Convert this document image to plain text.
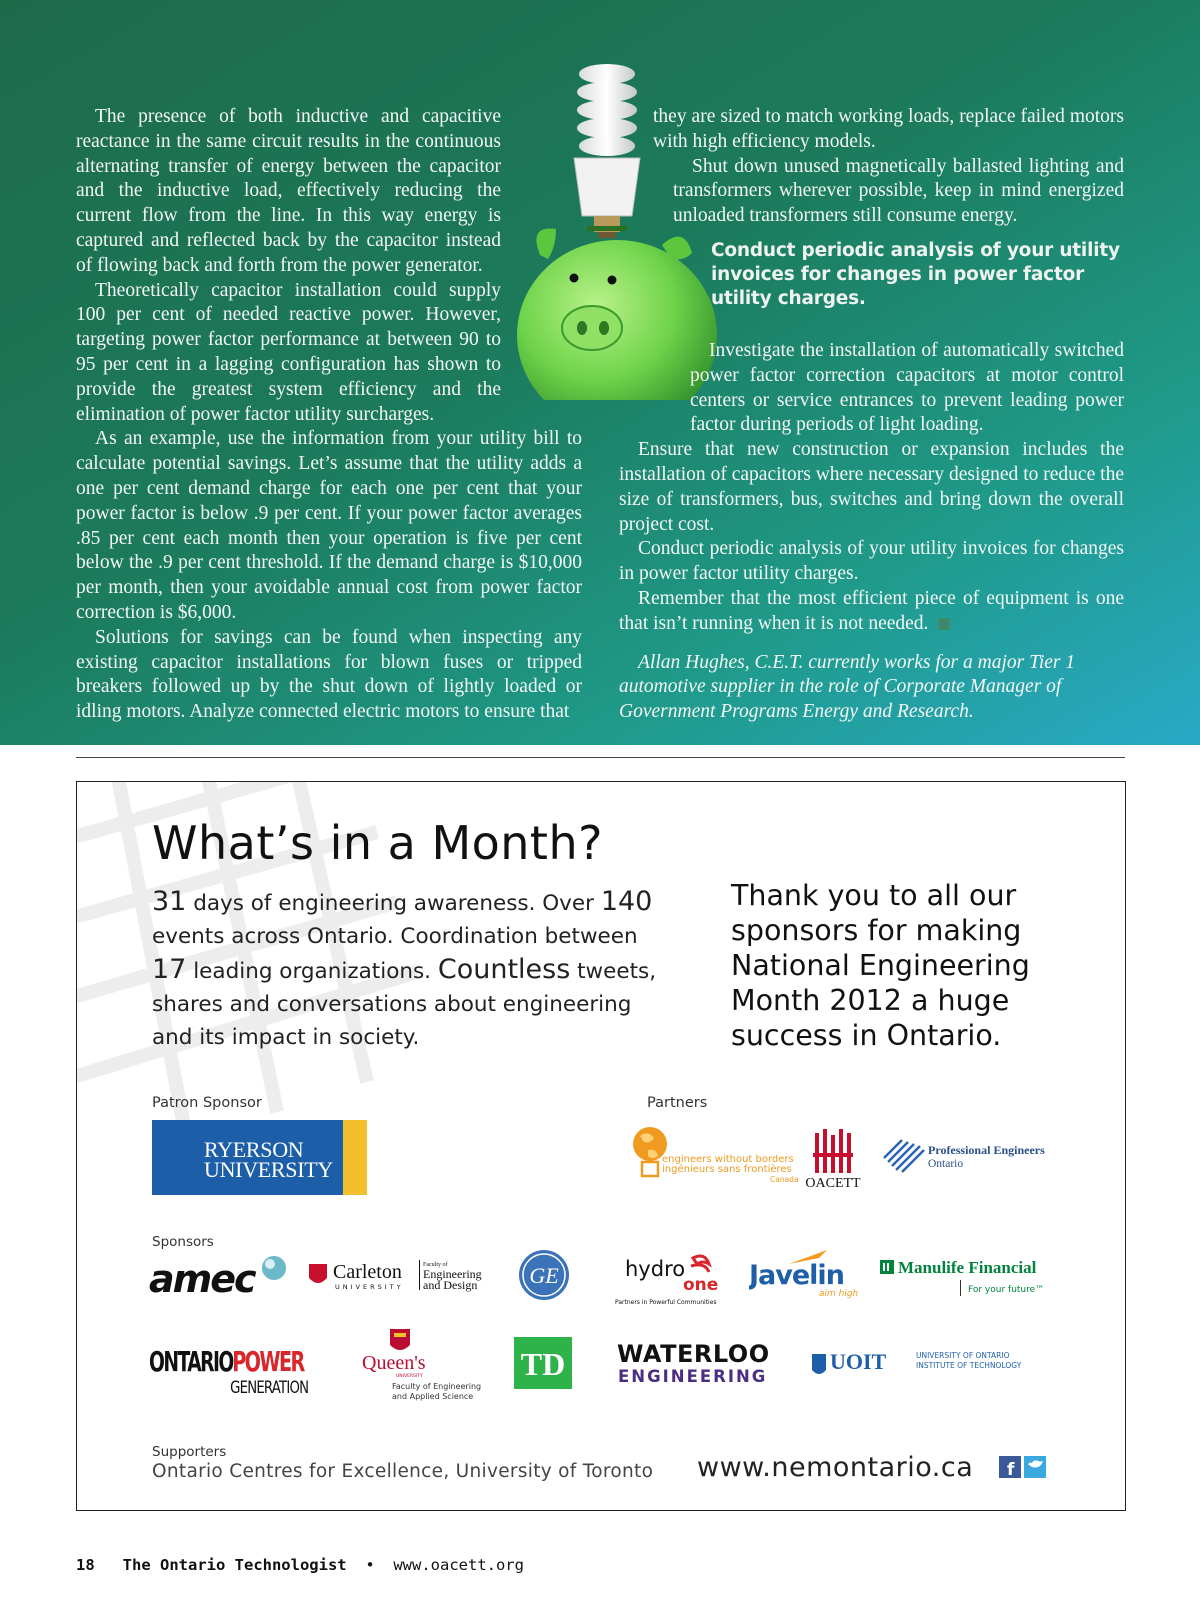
The presence of both inductive and capacitive reactance in the same circuit results in the continuous alternating transfer of energy between the capacitor and the inductive load, effectively reducing the current flow from the line. In this way energy is captured and reflected back by the capacitor instead of flowing back and forth from the power generator.

Theoretically capacitor installation could supply 100 per cent of needed reactive power. However, targeting power factor performance at between 90 to 95 per cent in a lagging configuration has shown to provide the greatest system efficiency and the elimination of power factor utility surcharges.

As an example, use the information from your utility bill to calculate potential savings. Let’s assume that the utility adds a one per cent demand charge for each one per cent that your power factor is below .9 per cent. If your power factor averages .85 per cent each month then your operation is five per cent below the .9 per cent threshold. If the demand charge is $10,000 per month, then your avoidable annual cost from power factor correction is $6,000.

Solutions for savings can be found when inspecting any existing capacitor installations for blown fuses or tripped breakers followed up by the shut down of lightly loaded or idling motors. Analyze connected electric motors to ensure that

they are sized to match working loads, replace failed motors with high efficiency models.

Shut down unused magnetically ballasted lighting and transformers wherever possible, keep in mind energized unloaded transformers still consume energy.

Conduct periodic analysis of your utility invoices for changes in power factor utility charges.

Investigate the installation of automatically switched power factor correction capacitors at motor control centers or service entrances to prevent leading power factor during periods of light loading.

Ensure that new construction or expansion includes the installation of capacitors where necessary designed to reduce the size of transformers, bus, switches and bring down the overall project cost.

Conduct periodic analysis of your utility invoices for changes in power factor utility charges.

Remember that the most efficient piece of equipment is one that isn’t running when it is not needed.

Allan Hughes, C.E.T. currently works for a major Tier 1 automotive supplier in the role of Corporate Manager of Government Programs Energy and Research.

What’s in a Month?
31 days of engineering awareness. Over 140 events across Ontario. Coordination between 17 leading organizations. Countless tweets, shares and conversations about engineering and its impact in society.
Thank you to all our sponsors for making National Engineering Month 2012 a huge success in Ontario.
Patron Sponsor	Partners
RYERSON
UNIVERSITY	engineers without borders
ingénieurs sans frontières
Canada OACETT
Professional Engineers
Ontario
Sponsors
amec	Carleton
UNIVERSITY
Faculty of
Engineering
and Design GE	hydro
one
Partners in Powerful Communities
Javelin
aim high
Manulife Financial
For your future™
ONTARIO POWER
GENERATION
Queen's
UNIVERSITY
Faculty of Engineering
and Applied Science
TD WATERLOO
ENGINEERING
UOIT	UNIVERSITY OF ONTARIO
INSTITUTE OF TECHNOLOGY
Supporters
Ontario Centres for Excellence, University of Toronto www.nemontario.ca f
18 The Ontario Technologist • www.oacett.org
